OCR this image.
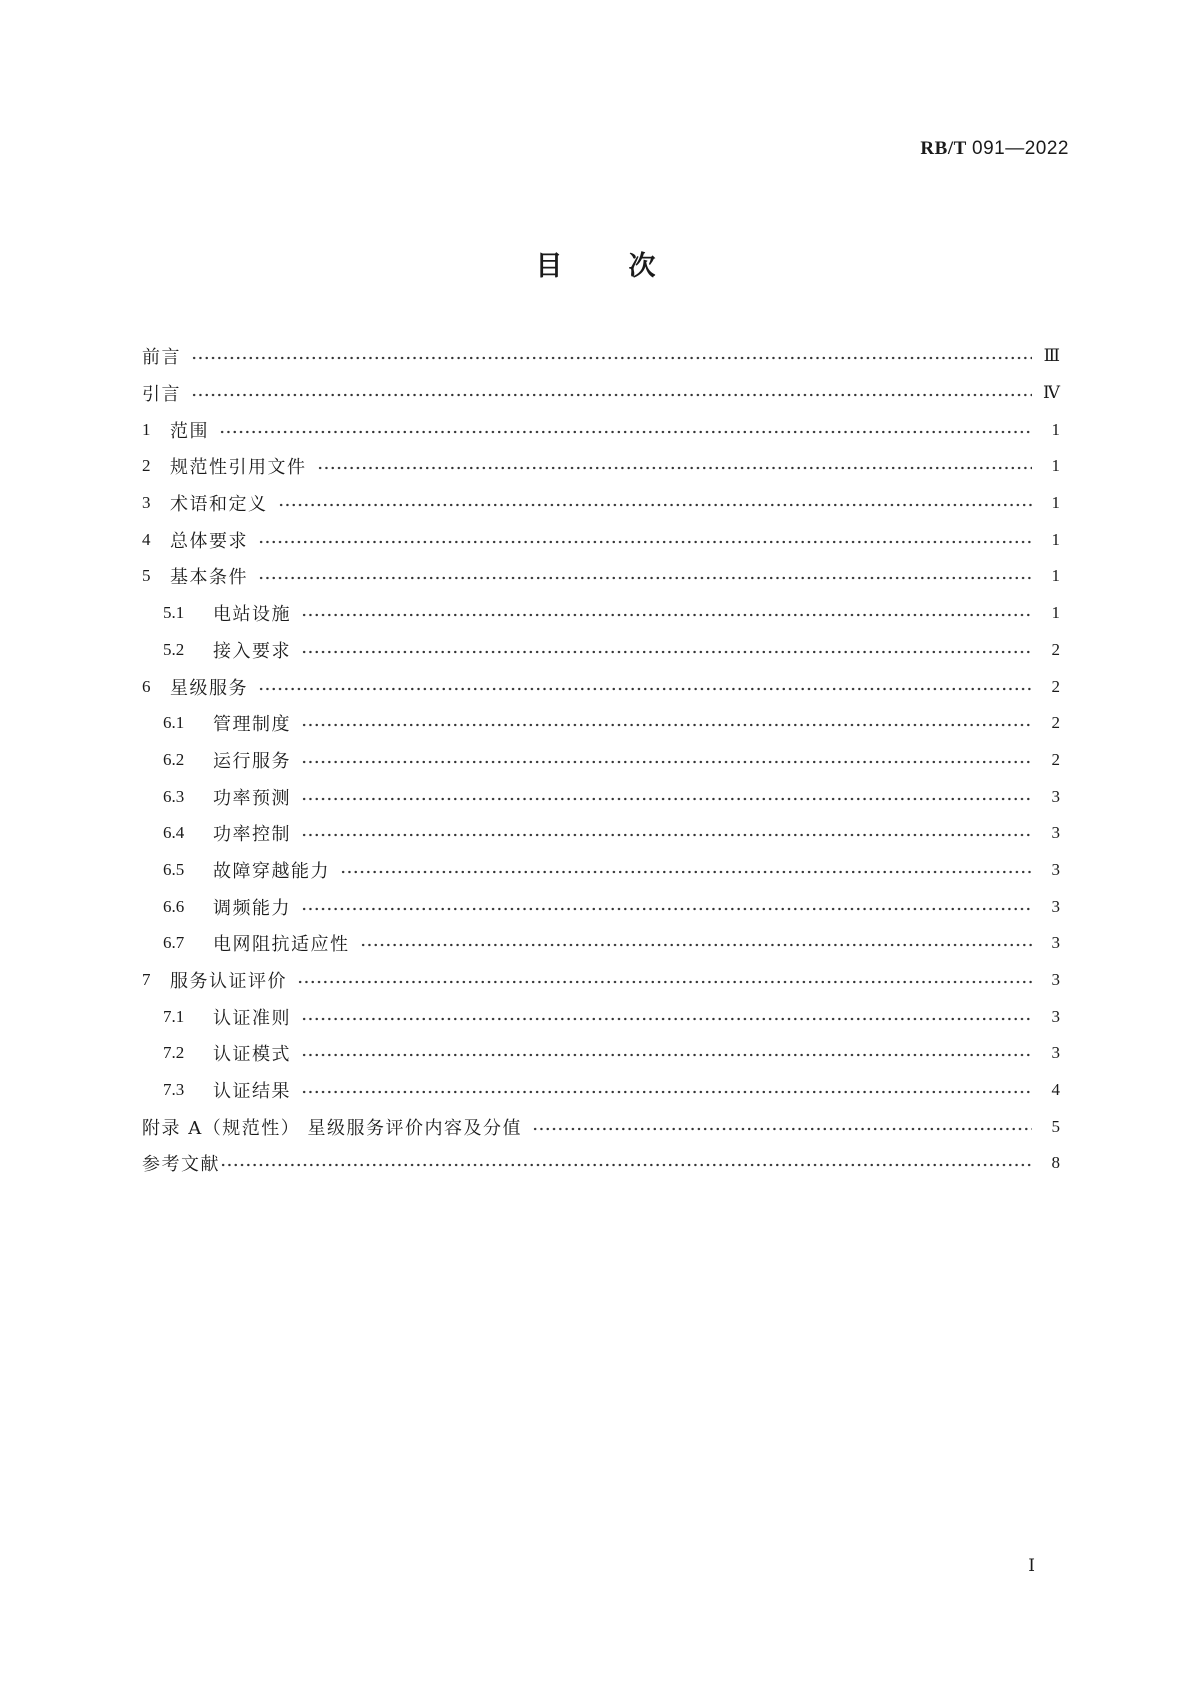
RB/T 091—2022
目次
前言	Ⅲ
引言	Ⅳ
1	范围	1
2	规范性引用文件	1
3	术语和定义	1
4	总体要求	1
5	基本条件	1
5.1	电站设施	1
5.2	接入要求	2
6	星级服务	2
6.1	管理制度	2
6.2	运行服务	2
6.3	功率预测	3
6.4	功率控制	3
6.5	故障穿越能力	3
6.6	调频能力	3
6.7	电网阻抗适应性	3
7	服务认证评价	3
7.1	认证准则	3
7.2	认证模式	3
7.3	认证结果	4
附录 A（规范性） 星级服务评价内容及分值	5
参考文献	8
Ⅰ
